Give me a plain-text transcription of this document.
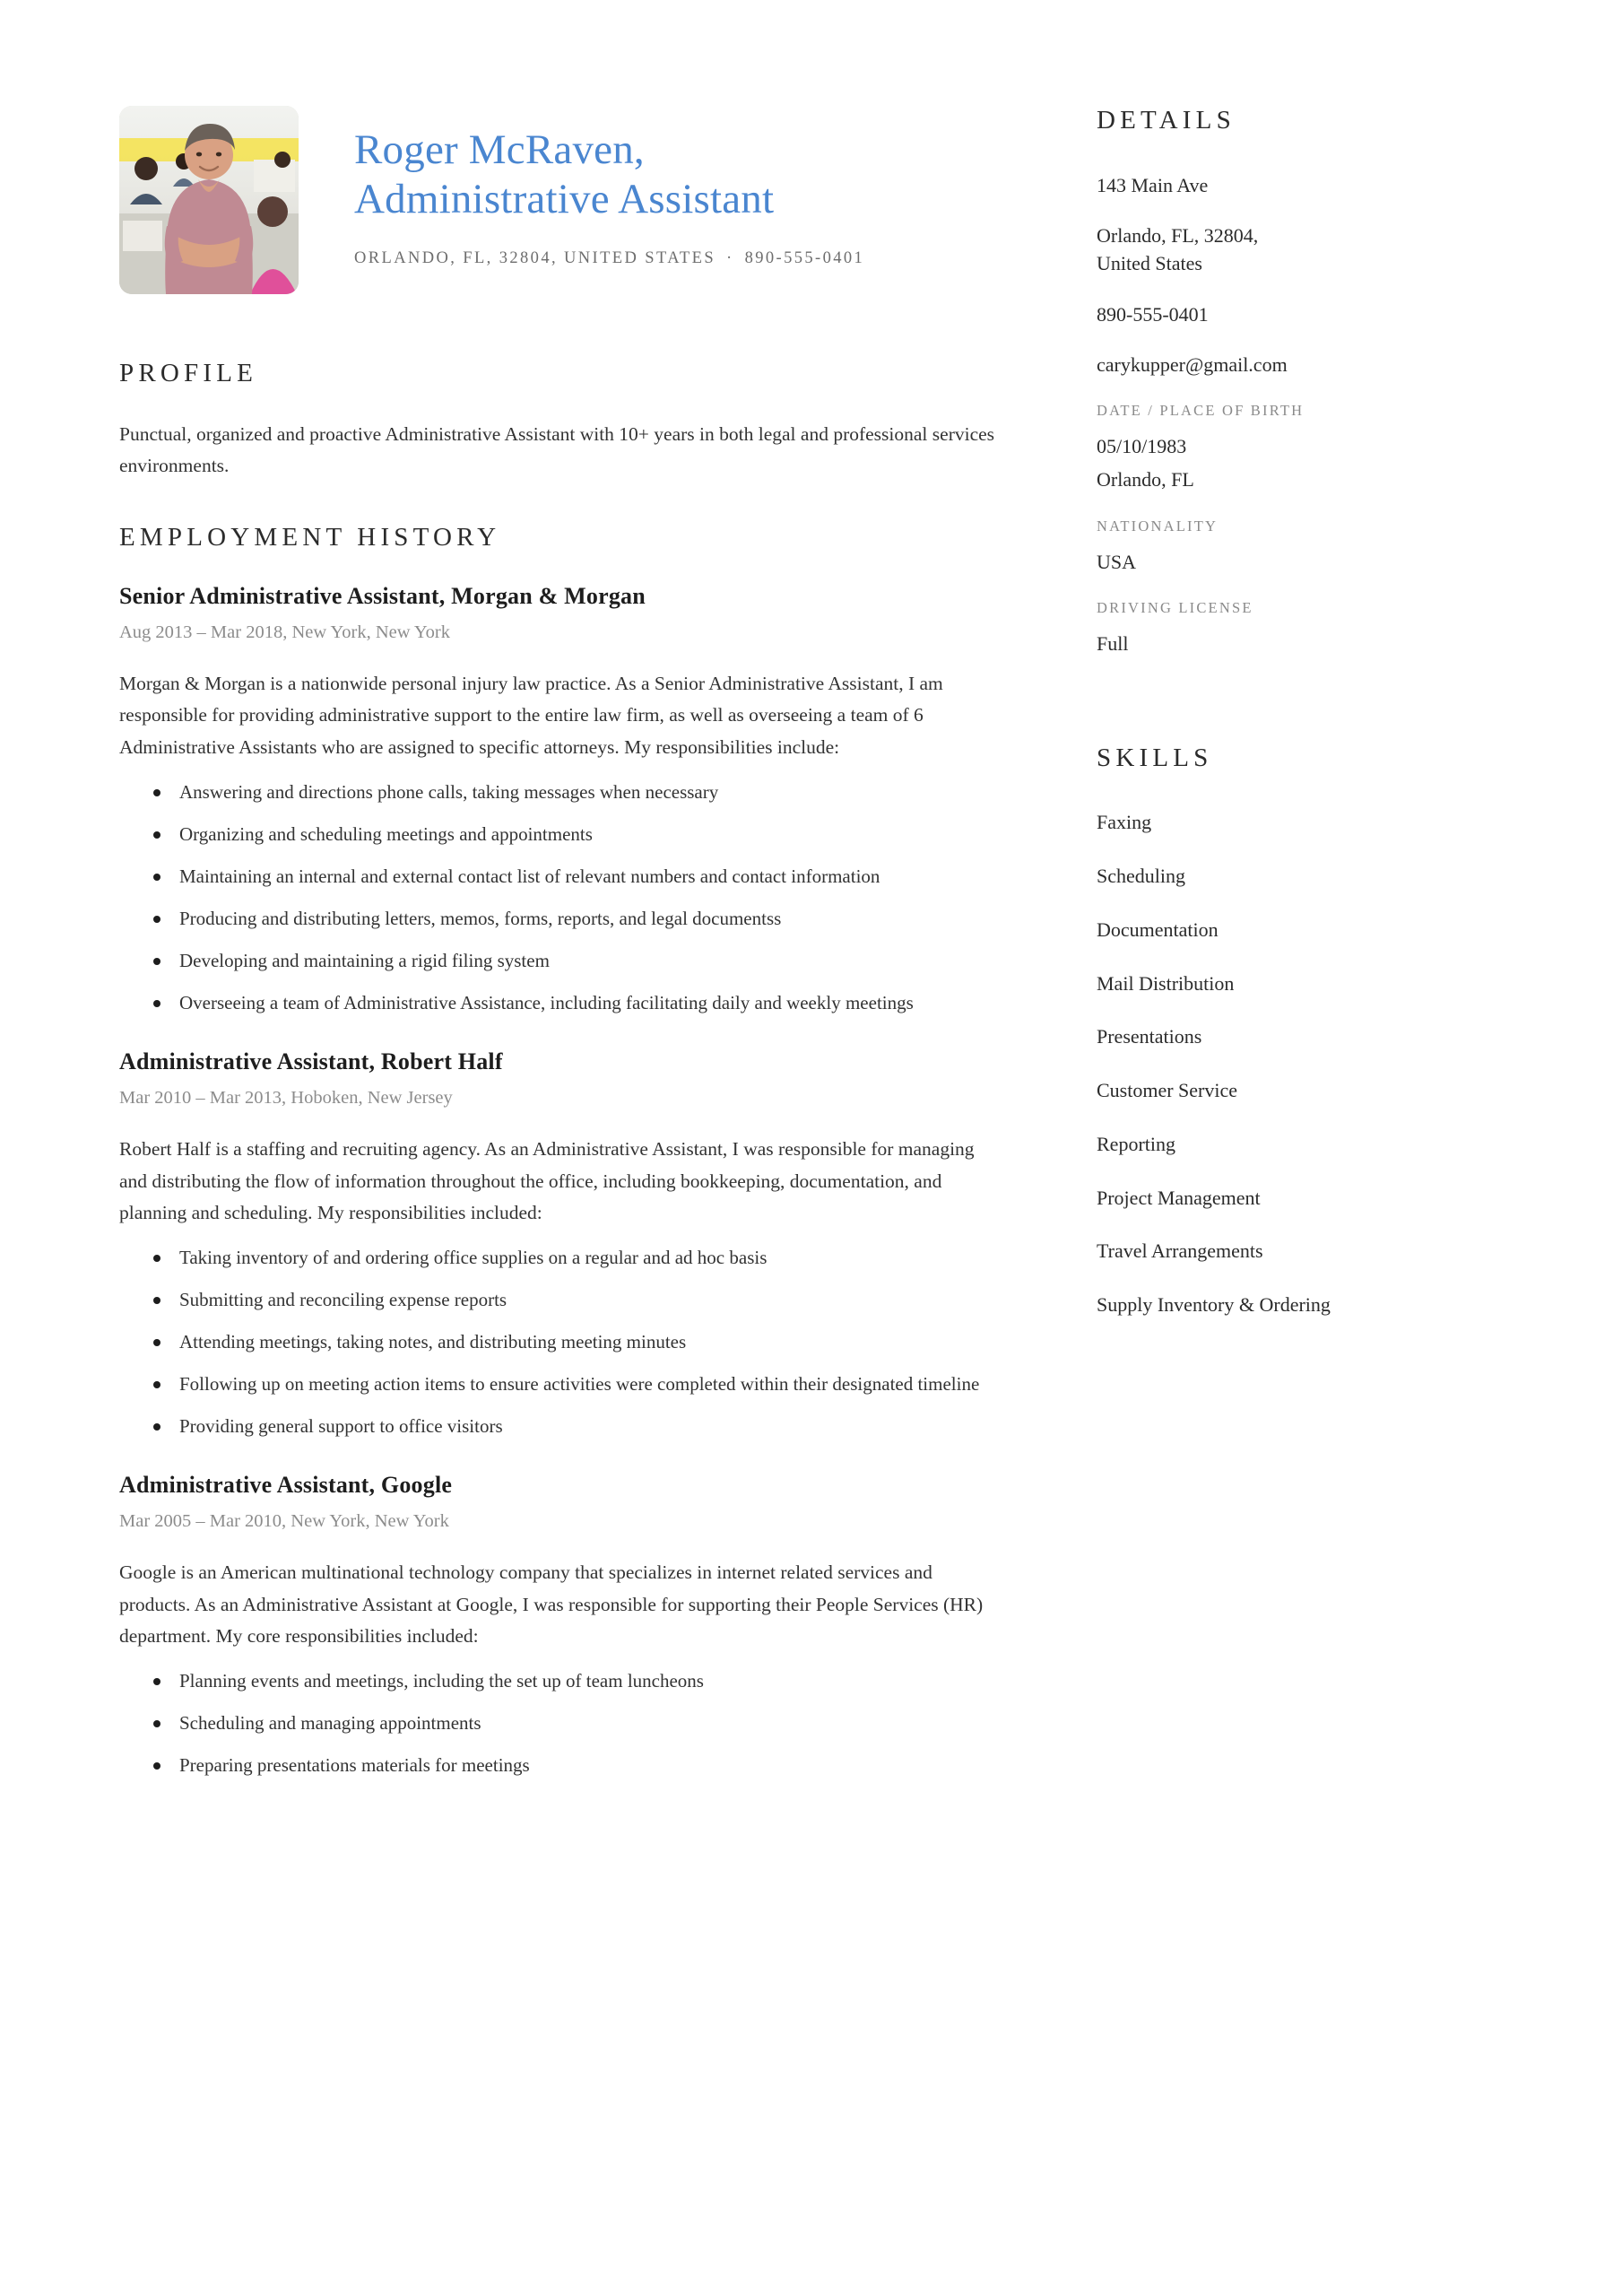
Roger McRaven,
Administrative Assistant
ORLANDO, FL, 32804, UNITED STATES · 890-555-0401
PROFILE
Punctual, organized and proactive Administrative Assistant with 10+ years in both legal and professional services environments.
EMPLOYMENT HISTORY
Senior Administrative Assistant, Morgan & Morgan
Aug 2013 – Mar 2018, New York, New York
Morgan & Morgan is a nationwide personal injury law practice. As a Senior Administrative Assistant, I am responsible for providing administrative support to the entire law firm, as well as overseeing a team of 6 Administrative Assistants who are assigned to specific attorneys. My responsibilities include:
Answering and directions phone calls, taking messages when necessary
Organizing and scheduling meetings and appointments
Maintaining an internal and external contact list of relevant numbers and contact information
Producing and distributing letters, memos, forms, reports, and legal documentss
Developing and maintaining a rigid filing system
Overseeing a team of Administrative Assistance, including facilitating daily and weekly meetings
Administrative Assistant, Robert Half
Mar 2010 – Mar 2013, Hoboken, New Jersey
Robert Half is a staffing and recruiting agency. As an Administrative Assistant, I was responsible for managing and distributing the flow of information throughout the office, including bookkeeping, documentation, and planning and scheduling. My responsibilities included:
Taking inventory of and ordering office supplies on a regular and ad hoc basis
Submitting and reconciling expense reports
Attending meetings, taking notes, and distributing meeting minutes
Following up on meeting action items to ensure activities were completed within their designated timeline
Providing general support to office visitors
Administrative Assistant, Google
Mar 2005 – Mar 2010, New York, New York
Google is an American multinational technology company that specializes in internet related services and products. As an Administrative Assistant at Google, I was responsible for supporting their People Services (HR) department. My core responsibilities included:
Planning events and meetings, including the set up of team luncheons
Scheduling and managing appointments
Preparing presentations materials for meetings
DETAILS
143 Main Ave
Orlando, FL, 32804,
United States
890-555-0401
carykupper@gmail.com
DATE / PLACE OF BIRTH
05/10/1983
Orlando, FL
NATIONALITY
USA
DRIVING LICENSE
Full
SKILLS
Faxing
Scheduling
Documentation
Mail Distribution
Presentations
Customer Service
Reporting
Project Management
Travel Arrangements
Supply Inventory & Ordering
